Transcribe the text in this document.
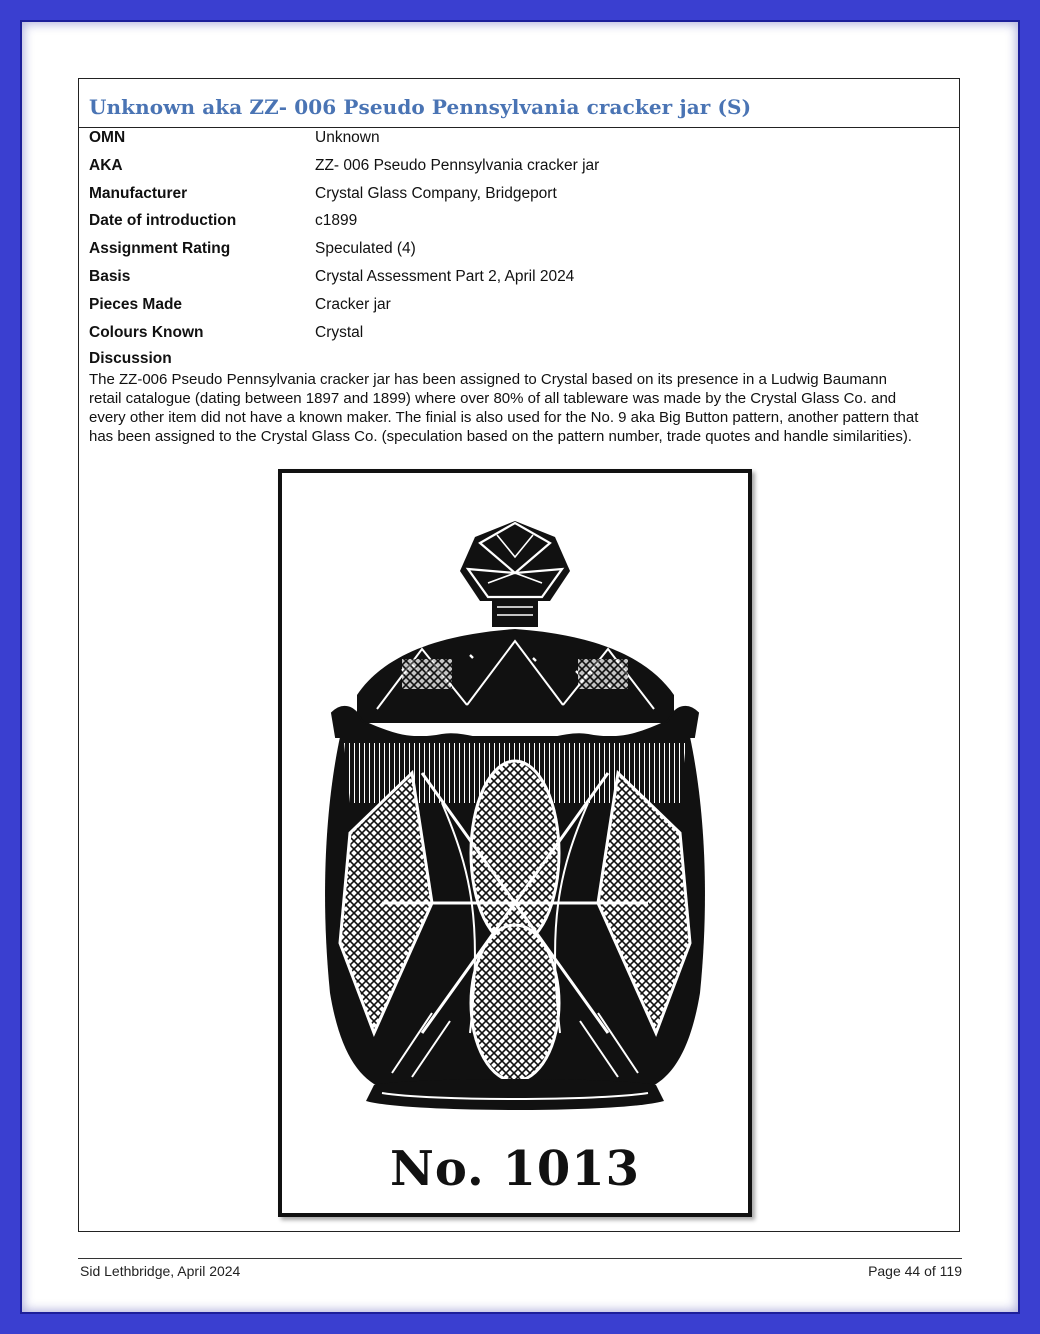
Unknown aka ZZ- 006 Pseudo Pennsylvania cracker jar (S)
OMN	Unknown
AKA	ZZ- 006 Pseudo Pennsylvania cracker jar
Manufacturer	Crystal Glass Company, Bridgeport
Date of introduction	c1899
Assignment Rating	Speculated (4)
Basis	Crystal Assessment Part 2, April 2024
Pieces Made	Cracker jar
Colours Known	Crystal
Discussion
The ZZ-006 Pseudo Pennsylvania cracker jar has been assigned to Crystal based on its presence in a Ludwig Baumann retail catalogue (dating between 1897 and 1899) where over 80% of all tableware was made by the Crystal Glass Co. and every other item did not have a known maker. The finial is also used for the No. 9 aka Big Button pattern, another pattern that has been assigned to the Crystal Glass Co. (speculation based on the pattern number, trade quotes and handle similarities).
No. 1013
Sid Lethbridge, April 2024	Page 44 of 119
